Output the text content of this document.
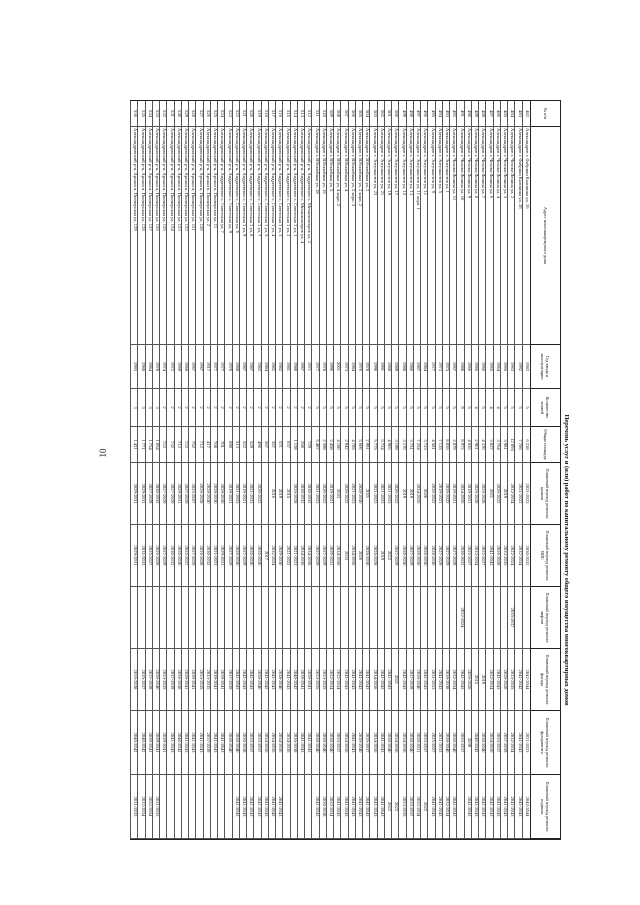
10	Перечень услуг и (или) работ по капитальному ремонту общего имущества многоквартирных домов
№ п/п
Адрес многоквартирного дома
Год ввода в эксплуатацию
Количество этажей
Общая площадь
Плановый период ремонта крыши
Плановый период ремонта ВИС
Плановый период ремонта лифтов
Плановый период ремонта фасада
Плановый период ремонта фундамента
Плановый период ремонта подвала
482
Александров г. Фабрики Калинина ул, 26
1982
5
6 238
2021-2023
2030-2032
2042-2044
2021-2023
2042-2044
483
Александров г. Фабрики Калинина ул, 28
1992
5
7 786
2021-2022
2032-2034
2041-2042
2041-2043
2041-2043
484
Александров г. Чехова-Ленина ул, 2
1963
5
12 893
2032-2034
2022-2024
2035-2037
2033-2035
2032-2034
2041-2043
485
Александров г. Чехова-Ленина ул, 3
1965
5
3 981
2019
2033-2035
2028-2028
2037-2039
2041-2043
486
Александров г. Чехова-Ленина ул, 4
1964
4
3 764
2020-2022
2026-2028
2041-2043
2035-2037
2041-2043
487
Александров г. Чехова-Ленина ул, 6
1965
4
3 827
2021
2041-2043
2032-2034
2034-2036
2041-2043
488
Александров г. Чехова-Ленина ул, 7
1966
5
4 370
2026-2028
2025-2027
2019
2038-2040
2041-2043
489
Александров г. Чехова-Ленина ул, 8
1966
4
2 901
2026-2028
2033-2034
2015
2040-2042
2041-2043
490
Александров г. Чехова-Ленина ул, 9
1966
5
4 655
2019-2021
2025-2027
2026-2028
2039
2041-2043
491
Александров г. Чехова-Ленина ул, 10
1988
9
8 972
2024-2026
2030-2032
2022-2024
2041-2043
2035-2037
492
Александров г. Чехова-Ленина ул, 11
1967
5
2 879
2019-2021
2027-2029
2032-2034
2038-2040
2041-2043
493
Александров г. Энтузиастов ул, 1
1975
5
8 855
2020-2022
2027-2029
2036-2038
2038-2040
2032-2034
494
Александров г. Энтузиастов ул, 5
1973
5
7 135
2019-2021
2027-2029
2041-2043
2031-2033
2041-2043
495
Александров г. Энтузиастов ул, 9
1977
5
4 581
2020-2022
2028-2030
2031-2033
2025-2027
2041-2043
496
Александров г. Энтузиастов ул, 11
1984
5
3 723
2020
2028-2030
2041-2043
2035-2037
2022
497
Александров г. Энтузиастов ул, 11 корп. 1
1987
5
7 254
2024-2026
2028-2030
2038-2040
2028-2031
2032-2034
498
Александров г. Энтузиастов ул, 13
1986
5
3 751
2019
2027-2029
2037-2039
2038-2040
2035-2037
499
Александров г. Энтузиастов ул, 15
1988
5
3 170
2019
2028-2030
2041-2043
2034-2036
2033-2035
500
Александров г. Энтузиастов ул, 17
1989
5
3 199
2020-2022
2027-2029
2021
2034-2036
2022
501
Александров г. Энтузиастов ул, 19
1988
5
4 905
2021-2023
2022
2041-2043
2038-2040
2022
502
Александров г. Энтузиастов ул, 21
1991
5
5 724
2021-2023
2019
2041-2043
2041-2043
2041-2043
503
Александров г. Энтузиастов ул, 23
1990
5
5 775
2021-2023
2026-2028
2034-2036
2034-2036
2041-2043
504
Александров г. Юбилейная ул, 2
1978
5
2 991
2021
2028-2030
2041-2043
2035-2037
2041-2043
505
Александров г. Юбилейная ул, 2 корп. 2
1976
5
5 606
2028-2030
2026
2041-2043
2038-2040
2041-2043
506
Александров г. Юбилейная ул, 2 корп. 3
1984
5
4 785
2021-2023
2034-2036
2041-2043
2041-2043
2041-2043
507
Александров г. Юбилейная ул, 4
1973
5
2 942
2020-2022
2033
2041-2043
2034-2036
2041-2043
508
Александров г. Юбилейная ул, 4 корп. 2
2001
5
4 180
2033
2034-2036
2032-2034
2035-2037
2041-2043
509
Александров г. Юбилейная ул, 5
1996
5
2 458
2019-2021
2029-2031
2032-2034
2038-2040
2032-2034
510
Александров г. Юбилейная ул, 16
1978
5
2 598
2020-2022
2027-2029
2033-2035
2038-2040
2036-2038
511
Александров г. Юбилейная ул, 18
1977
5
5 487
2021-2023
2027-2029
2033-2035
2038-2040
2041-2043
512
Александровский р-н, Андреевское с, Механизаторов ул, 2
1971
2
729
2030-2032
2034-2036
2039-2041
2041-2043
513
Александровский р-н, Андреевское с, Механизаторов ул, 4
1967
2
260
2030-2032
2034-2036
2039-2041
2041-2043
514
Александровский р-н, Андреевское с, Советская 1 ул, 1
1980
2
1 159
2026-2028
2021-2023
2040-2042
2036-2038
515
Александровский р-н, Андреевское с, Советская 1 ул, 2
1981
2
657
2015
2021-2022
2041-2043
2034-2036
516
Александровский р-н, Андреевское с, Советская 1 ул, 3
1982
2
571
2019
2029-2030
2038-2040
2034-2036
2041-2043
517
Александровский р-н, Андреевское с, Советская 1 ул, 4
1982
2
567
2016
2032-2024
2041-2043
2034-2036
2041-2042
518
Александровский р-н, Андреевское с, Советская 1 ул, 5
1984
2
567
2017
2041-2042
2034-2036
2041-2043
519
Александровский р-н, Андреевское с, Советская 1 ул, 7
1982
2
496
2020-2022
2028-2030
2038-2040
2035-2037
2041-2043
520
Александровский р-н, Андреевское с, Советская 1 ул, 8
1987
2
529
2021-2023
2028-2030
2041-2043
2035-2037
2041-2043
521
Александровский р-н, Андреевское с, Советская 1 ул, 9
1987
2
522
2019-2021
2027-2029
2041-2043
2036-2038
2041-2043
522
Александровский р-н, Андреевское с, Советская ул, 6
1988
2
513
2021-2023
2028-2030
2041-2043
2038-2040
2041-2043
523
Александровский р-н, Андреевское с, Советская ул, 9
1970
2
690
2019-2021
2027-2029
2037-2039
2038-2040
524
Александровский р-н, Андреевское с, Советская ул, 7
1977
2
701
2028-2030
2029-2031
2039-2041
2041-2043
525
Александровский р-н, Арсаки п, Пионерская ул, 11
1977
2
708
2028-2030
2021-2023
2039-2041
2041-2043
526
Александровский р-н, Арсаки п, Пионерская ул, 2
1917
2
417
2028-2030
2030-2032
2033-2035
2037-2039
527
Александровский р-н, Арсаки п, Пионерская ул, 120
1967
2
712
2026-2028
2026-2028
2033-2035
2041-2043
528
Александровский р-н, Арсаки п, Пионерская ул, 121
1967
2
752
2025-2027
2027-2029
2039-2041
2041-2043
529
Александровский р-н, Арсаки п, Пионерская ул, 122
1968
2
722
2027-2029
2025-2027
2039-2041
2041-2043
530
Александровский р-н, Арсаки п, Пионерская ул, 123
1969
2
712
2029-2031
2028-2030
2036-2038
2040-2042
531
Александровский р-н, Арсаки п, Пионерская ул, 124
1972
2
732
2027-2029
2030-2032
2037-2039
2041-2043
532
Александровский р-н, Арсаки п, Пионерская ул, 125
1974
2
722
2027-2029
2027-2029
2033-2035
2039-2041
533
Александровский р-н, Арсаки п, Пионерская ул, 126
1978
3
1 854
2030-2032
2026-2028
2038-2040
2039-2041
2031-2033
534
Александровский р-н, Арсаки п, Пионерская ул, 127
1984
3
1 754
2027-2029
2025-2027
2037-2039
2039-2041
2032-2034
535
Александровский р-н, Арсаки п, Пионерская ул, 128
1986
3
1 771
2029-2031
2031-2033
2035-2037
2040-2042
2032-2034
536
Александровский р-н, Арсаки п, Пионерская ул, 129
1993
3
1 421
2029-2031
2029-2031
2036-2038
2040-2042
2031-2033
